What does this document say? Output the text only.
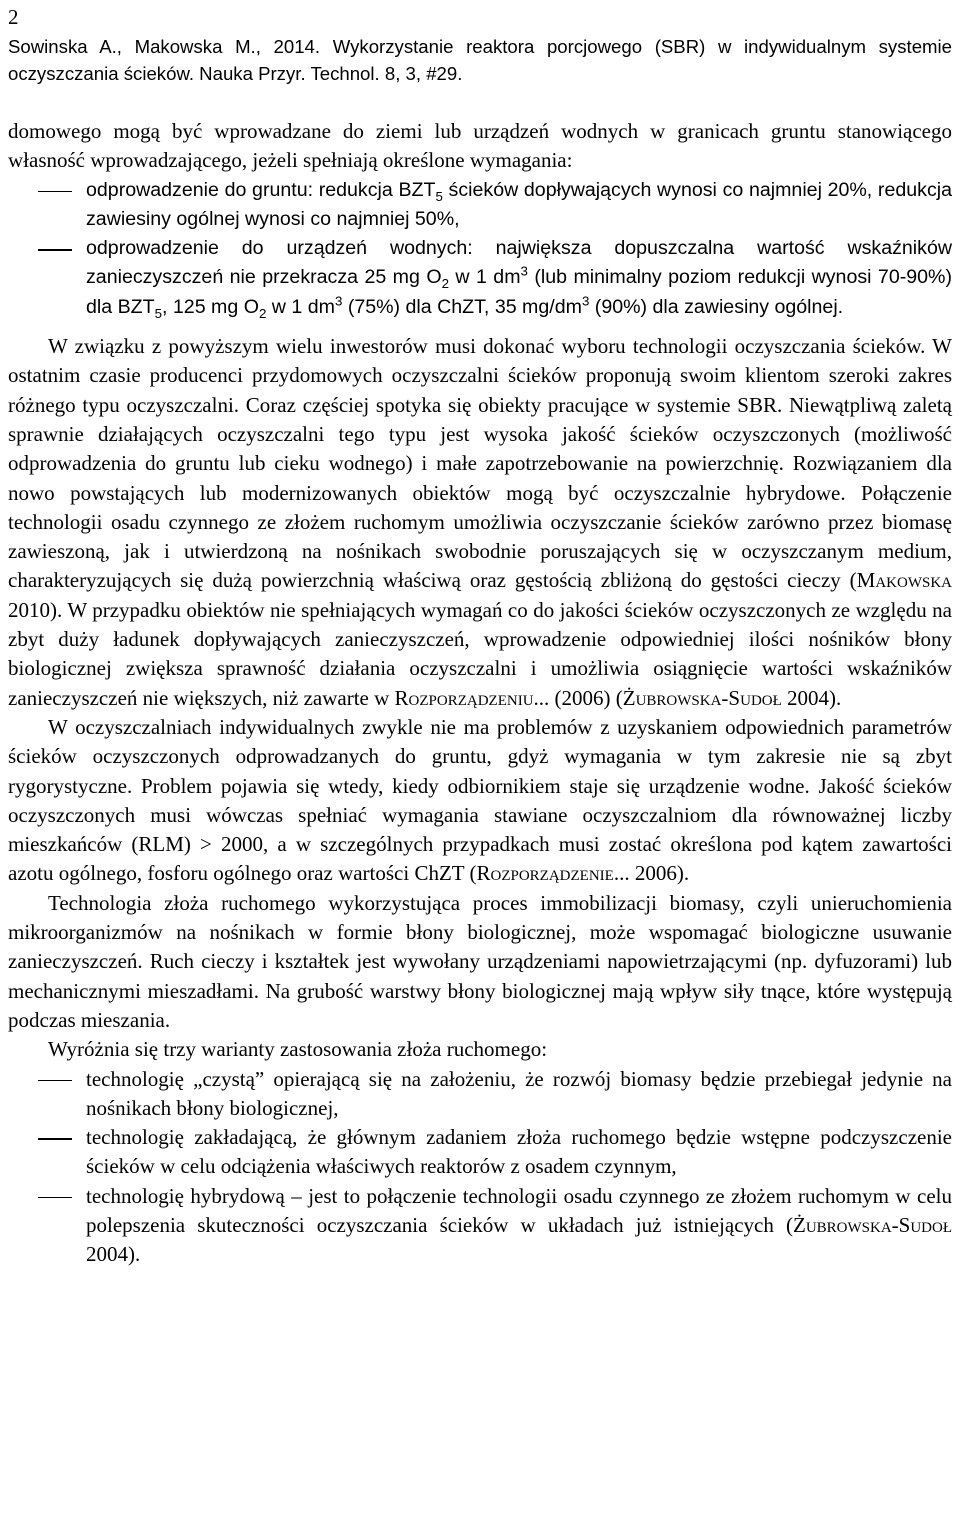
2
Sowinska A., Makowska M., 2014. Wykorzystanie reaktora porcjowego (SBR) w indywidualnym systemie oczyszczania ścieków. Nauka Przyr. Technol. 8, 3, #29.

domowego mogą być wprowadzane do ziemi lub urządzeń wodnych w granicach gruntu stanowiącego własność wprowadzającego, jeżeli spełniają określone wymagania:

odprowadzenie do gruntu: redukcja $BZT_5$ ścieków dopływających wynosi co najmniej 20%, redukcja zawiesiny ogólnej wynosi co najmniej 50%,
odprowadzenie do urządzeń wodnych: największa dopuszczalna wartość wskaźników zanieczyszczeń nie przekracza 25 mg $O_2$ w 1 $dm^3$ (lub minimalny poziom redukcji wynosi 70-90%) dla $BZT_5$, 125 mg $O_2$ w 1 $dm^3$ (75%) dla ChZT, 35 $mg/dm^3$ (90%) dla zawiesiny ogólnej.

W związku z powyższym wielu inwestorów musi dokonać wyboru technologii oczyszczania ścieków. W ostatnim czasie producenci przydomowych oczyszczalni ścieków proponują swoim klientom szeroki zakres różnego typu oczyszczalni. Coraz częściej spotyka się obiekty pracujące w systemie SBR. Niewątpliwą zaletą sprawnie działających oczyszczalni tego typu jest wysoka jakość ścieków oczyszczonych (możliwość odprowadzenia do gruntu lub cieku wodnego) i małe zapotrzebowanie na powierzchnię. Rozwiązaniem dla nowo powstających lub modernizowanych obiektów mogą być oczyszczalnie hybrydowe. Połączenie technologii osadu czynnego ze złożem ruchomym umożliwia oczyszczanie ścieków zarówno przez biomasę zawieszoną, jak i utwierdzoną na nośnikach swobodnie poruszających się w oczyszczanym medium, charakteryzujących się dużą powierzchnią właściwą oraz gęstością zbliżoną do gęstości cieczy (Makowska 2010). W przypadku obiektów nie spełniających wymagań co do jakości ścieków oczyszczonych ze względu na zbyt duży ładunek dopływających zanieczyszczeń, wprowadzenie odpowiedniej ilości nośników błony biologicznej zwiększa sprawność działania oczyszczalni i umożliwia osiągnięcie wartości wskaźników zanieczyszczeń nie większych, niż zawarte w Rozporządzeniu... (2006) (Żubrowska-Sudoł 2004).

W oczyszczalniach indywidualnych zwykle nie ma problemów z uzyskaniem odpowiednich parametrów ścieków oczyszczonych odprowadzanych do gruntu, gdyż wymagania w tym zakresie nie są zbyt rygorystyczne. Problem pojawia się wtedy, kiedy odbiornikiem staje się urządzenie wodne. Jakość ścieków oczyszczonych musi wówczas spełniać wymagania stawiane oczyszczalniom dla równoważnej liczby mieszkańców (RLM) > 2000, a w szczególnych przypadkach musi zostać określona pod kątem zawartości azotu ogólnego, fosforu ogólnego oraz wartości ChZT (Rozporządzenie... 2006).

Technologia złoża ruchomego wykorzystująca proces immobilizacji biomasy, czyli unieruchomienia mikroorganizmów na nośnikach w formie błony biologicznej, może wspomagać biologiczne usuwanie zanieczyszczeń. Ruch cieczy i kształtek jest wywołany urządzeniami napowietrzającymi (np. dyfuzorami) lub mechanicznymi mieszadłami. Na grubość warstwy błony biologicznej mają wpływ siły tnące, które występują podczas mieszania.

Wyróżnia się trzy warianty zastosowania złoża ruchomego:

technologię „czystą” opierającą się na założeniu, że rozwój biomasy będzie przebiegał jedynie na nośnikach błony biologicznej,
technologię zakładającą, że głównym zadaniem złoża ruchomego będzie wstępne podczyszczenie ścieków w celu odciążenia właściwych reaktorów z osadem czynnym,
technologię hybrydową – jest to połączenie technologii osadu czynnego ze złożem ruchomym w celu polepszenia skuteczności oczyszczania ścieków w układach już istniejących (Żubrowska-Sudoł 2004).
